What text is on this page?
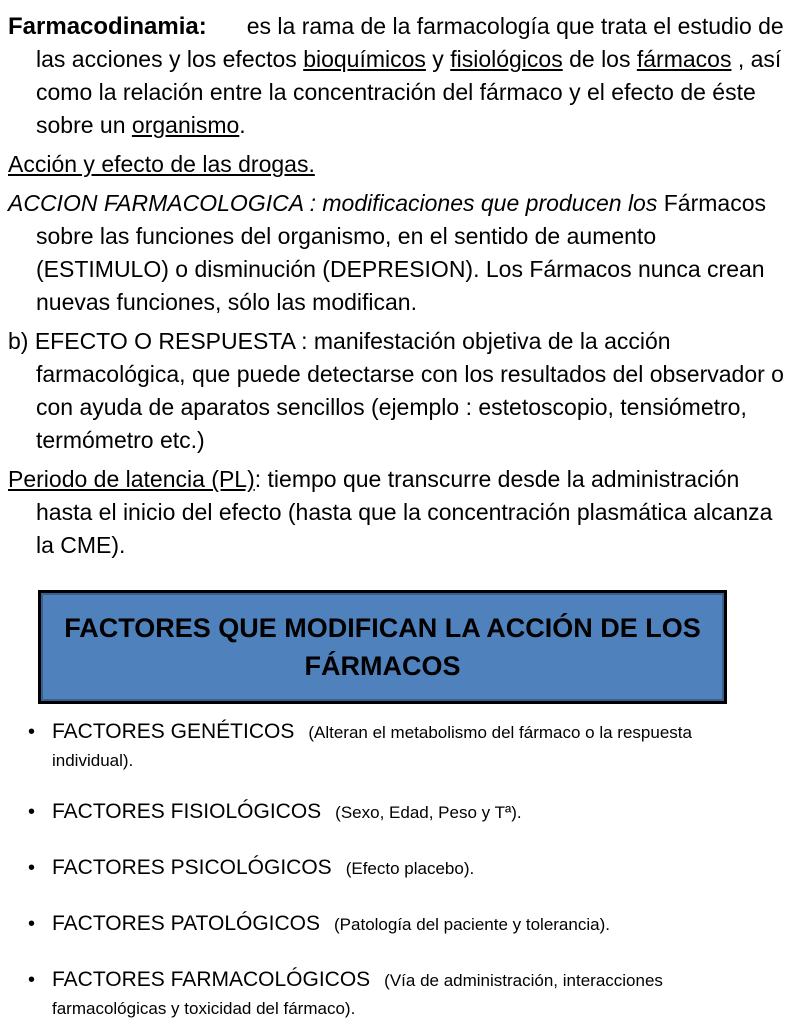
Farmacodinamia: es la rama de la farmacología que trata el estudio de las acciones y los efectos bioquímicos y fisiológicos de los fármacos , así como la relación entre la concentración del fármaco y el efecto de éste sobre un organismo.
Acción y efecto de las drogas.
ACCION FARMACOLOGICA : modificaciones que producen los Fármacos sobre las funciones del organismo, en el sentido de aumento (ESTIMULO) o disminución (DEPRESION). Los Fármacos nunca crean nuevas funciones, sólo las modifican.
b) EFECTO O RESPUESTA : manifestación objetiva de la acción farmacológica, que puede detectarse con los resultados del observador o con ayuda de aparatos sencillos (ejemplo : estetoscopio, tensiómetro, termómetro etc.)
Periodo de latencia (PL): tiempo que transcurre desde la administración hasta el inicio del efecto (hasta que la concentración plasmática alcanza la CME).
FACTORES QUE MODIFICAN LA ACCIÓN DE LOS FÁRMACOS
• FACTORES GENÉTICOS (Alteran el metabolismo del fármaco o la respuesta individual).
• FACTORES FISIOLÓGICOS (Sexo, Edad, Peso y Tª).
• FACTORES PSICOLÓGICOS (Efecto placebo).
• FACTORES PATOLÓGICOS (Patología del paciente y tolerancia).
• FACTORES FARMACOLÓGICOS (Vía de administración, interacciones farmacológicas y toxicidad del fármaco).
